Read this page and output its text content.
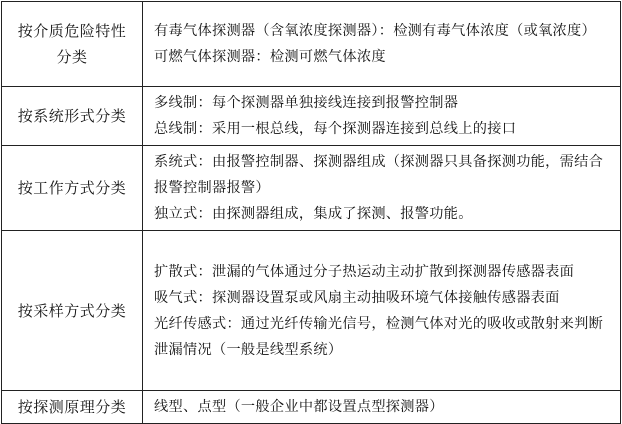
按介质危险特性分类	有毒气体探测器（含氧浓度探测器）：检测有毒气体浓度（或氧浓度）
可燃气体探测器：检测可燃气体浓度

按系统形式分类	多线制：每个探测器单独接线连接到报警控制器
总线制：采用一根总线，每个探测器连接到总线上的接口

按工作方式分类	系统式：由报警控制器、探测器组成（探测器只具备探测功能，需结合报警控制器报警）
独立式：由探测器组成，集成了探测、报警功能。

按采样方式分类	扩散式：泄漏的气体通过分子热运动主动扩散到探测器传感器表面
吸气式：探测器设置泵或风扇主动抽吸环境气体接触传感器表面
光纤传感式：通过光纤传输光信号，检测气体对光的吸收或散射来判断泄漏情况（一般是线型系统）

按探测原理分类	线型、点型（一般企业中都设置点型探测器）
